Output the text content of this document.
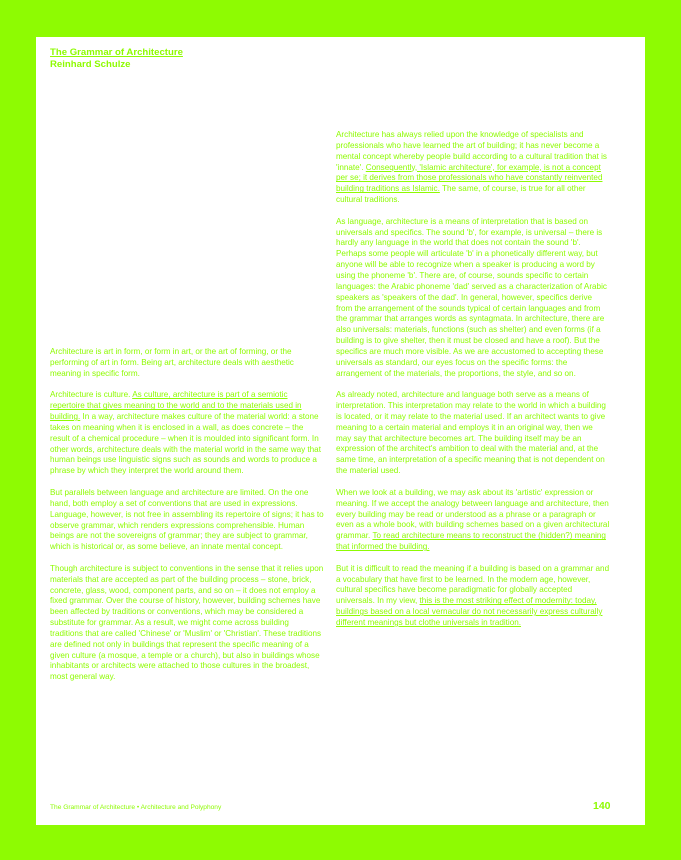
The Grammar of Architecture
Reinhard Schulze

Architecture is art in form, or form in art, or the art of forming, or the performing of art in form. Being art, architecture deals with aesthetic meaning in specific form.

Architecture is culture. As culture, architecture is part of a semiotic repertoire that gives meaning to the world and to the materials used in building. In a way, architecture makes culture of the material world: a stone takes on meaning when it is enclosed in a wall, as does concrete – the result of a chemical procedure – when it is moulded into significant form. In other words, architecture deals with the material world in the same way that human beings use linguistic signs such as sounds and words to produce a phrase by which they interpret the world around them.

But parallels between language and architecture are limited. On the one hand, both employ a set of conventions that are used in expressions. Language, however, is not free in assembling its repertoire of signs; it has to observe grammar, which renders expressions comprehensible. Human beings are not the sovereigns of grammar; they are subject to grammar, which is historical or, as some believe, an innate mental concept.

Though architecture is subject to conventions in the sense that it relies upon materials that are accepted as part of the building process – stone, brick, concrete, glass, wood, component parts, and so on – it does not employ a fixed grammar. Over the course of history, however, building schemes have been affected by traditions or conventions, which may be considered a substitute for grammar. As a result, we might come across building traditions that are called 'Chinese' or 'Muslim' or 'Christian'. These traditions are defined not only in buildings that represent the specific meaning of a given culture (a mosque, a temple or a church), but also in buildings whose inhabitants or architects were attached to those cultures in the broadest, most general way.

Architecture has always relied upon the knowledge of specialists and professionals who have learned the art of building; it has never become a mental concept whereby people build according to a cultural tradition that is 'innate'. Consequently, 'Islamic architecture', for example, is not a concept per se; it derives from those professionals who have constantly reinvented building traditions as Islamic. The same, of course, is true for all other cultural traditions.

As language, architecture is a means of interpretation that is based on universals and specifics. The sound 'b', for example, is universal – there is hardly any language in the world that does not contain the sound 'b'. Perhaps some people will articulate 'b' in a phonetically different way, but anyone will be able to recognize when a speaker is producing a word by using the phoneme 'b'. There are, of course, sounds specific to certain languages: the Arabic phoneme 'dad' served as a characterization of Arabic speakers as 'speakers of the dad'. In general, however, specifics derive from the arrangement of the sounds typical of certain languages and from the grammar that arranges words as syntagmata. In architecture, there are also universals: materials, functions (such as shelter) and even forms (if a building is to give shelter, then it must be closed and have a roof). But the specifics are much more visible. As we are accustomed to accepting these universals as standard, our eyes focus on the specific forms: the arrangement of the materials, the proportions, the style, and so on.

As already noted, architecture and language both serve as a means of interpretation. This interpretation may relate to the world in which a building is located, or it may relate to the material used. If an architect wants to give meaning to a certain material and employs it in an original way, then we may say that architecture becomes art. The building itself may be an expression of the architect's ambition to deal with the material and, at the same time, an interpretation of a specific meaning that is not dependent on the material used.

When we look at a building, we may ask about its 'artistic' expression or meaning. If we accept the analogy between language and architecture, then every building may be read or understood as a phrase or a paragraph or even as a whole book, with building schemes based on a given architectural grammar. To read architecture means to reconstruct the (hidden?) meaning that informed the building.

But it is difficult to read the meaning if a building is based on a grammar and a vocabulary that have first to be learned. In the modern age, however, cultural specifics have become paradigmatic for globally accepted universals. In my view, this is the most striking effect of modernity: today, buildings based on a local vernacular do not necessarily express culturally different meanings but clothe universals in tradition.

The Grammar of Architecture • Architecture and Polyphony	140
